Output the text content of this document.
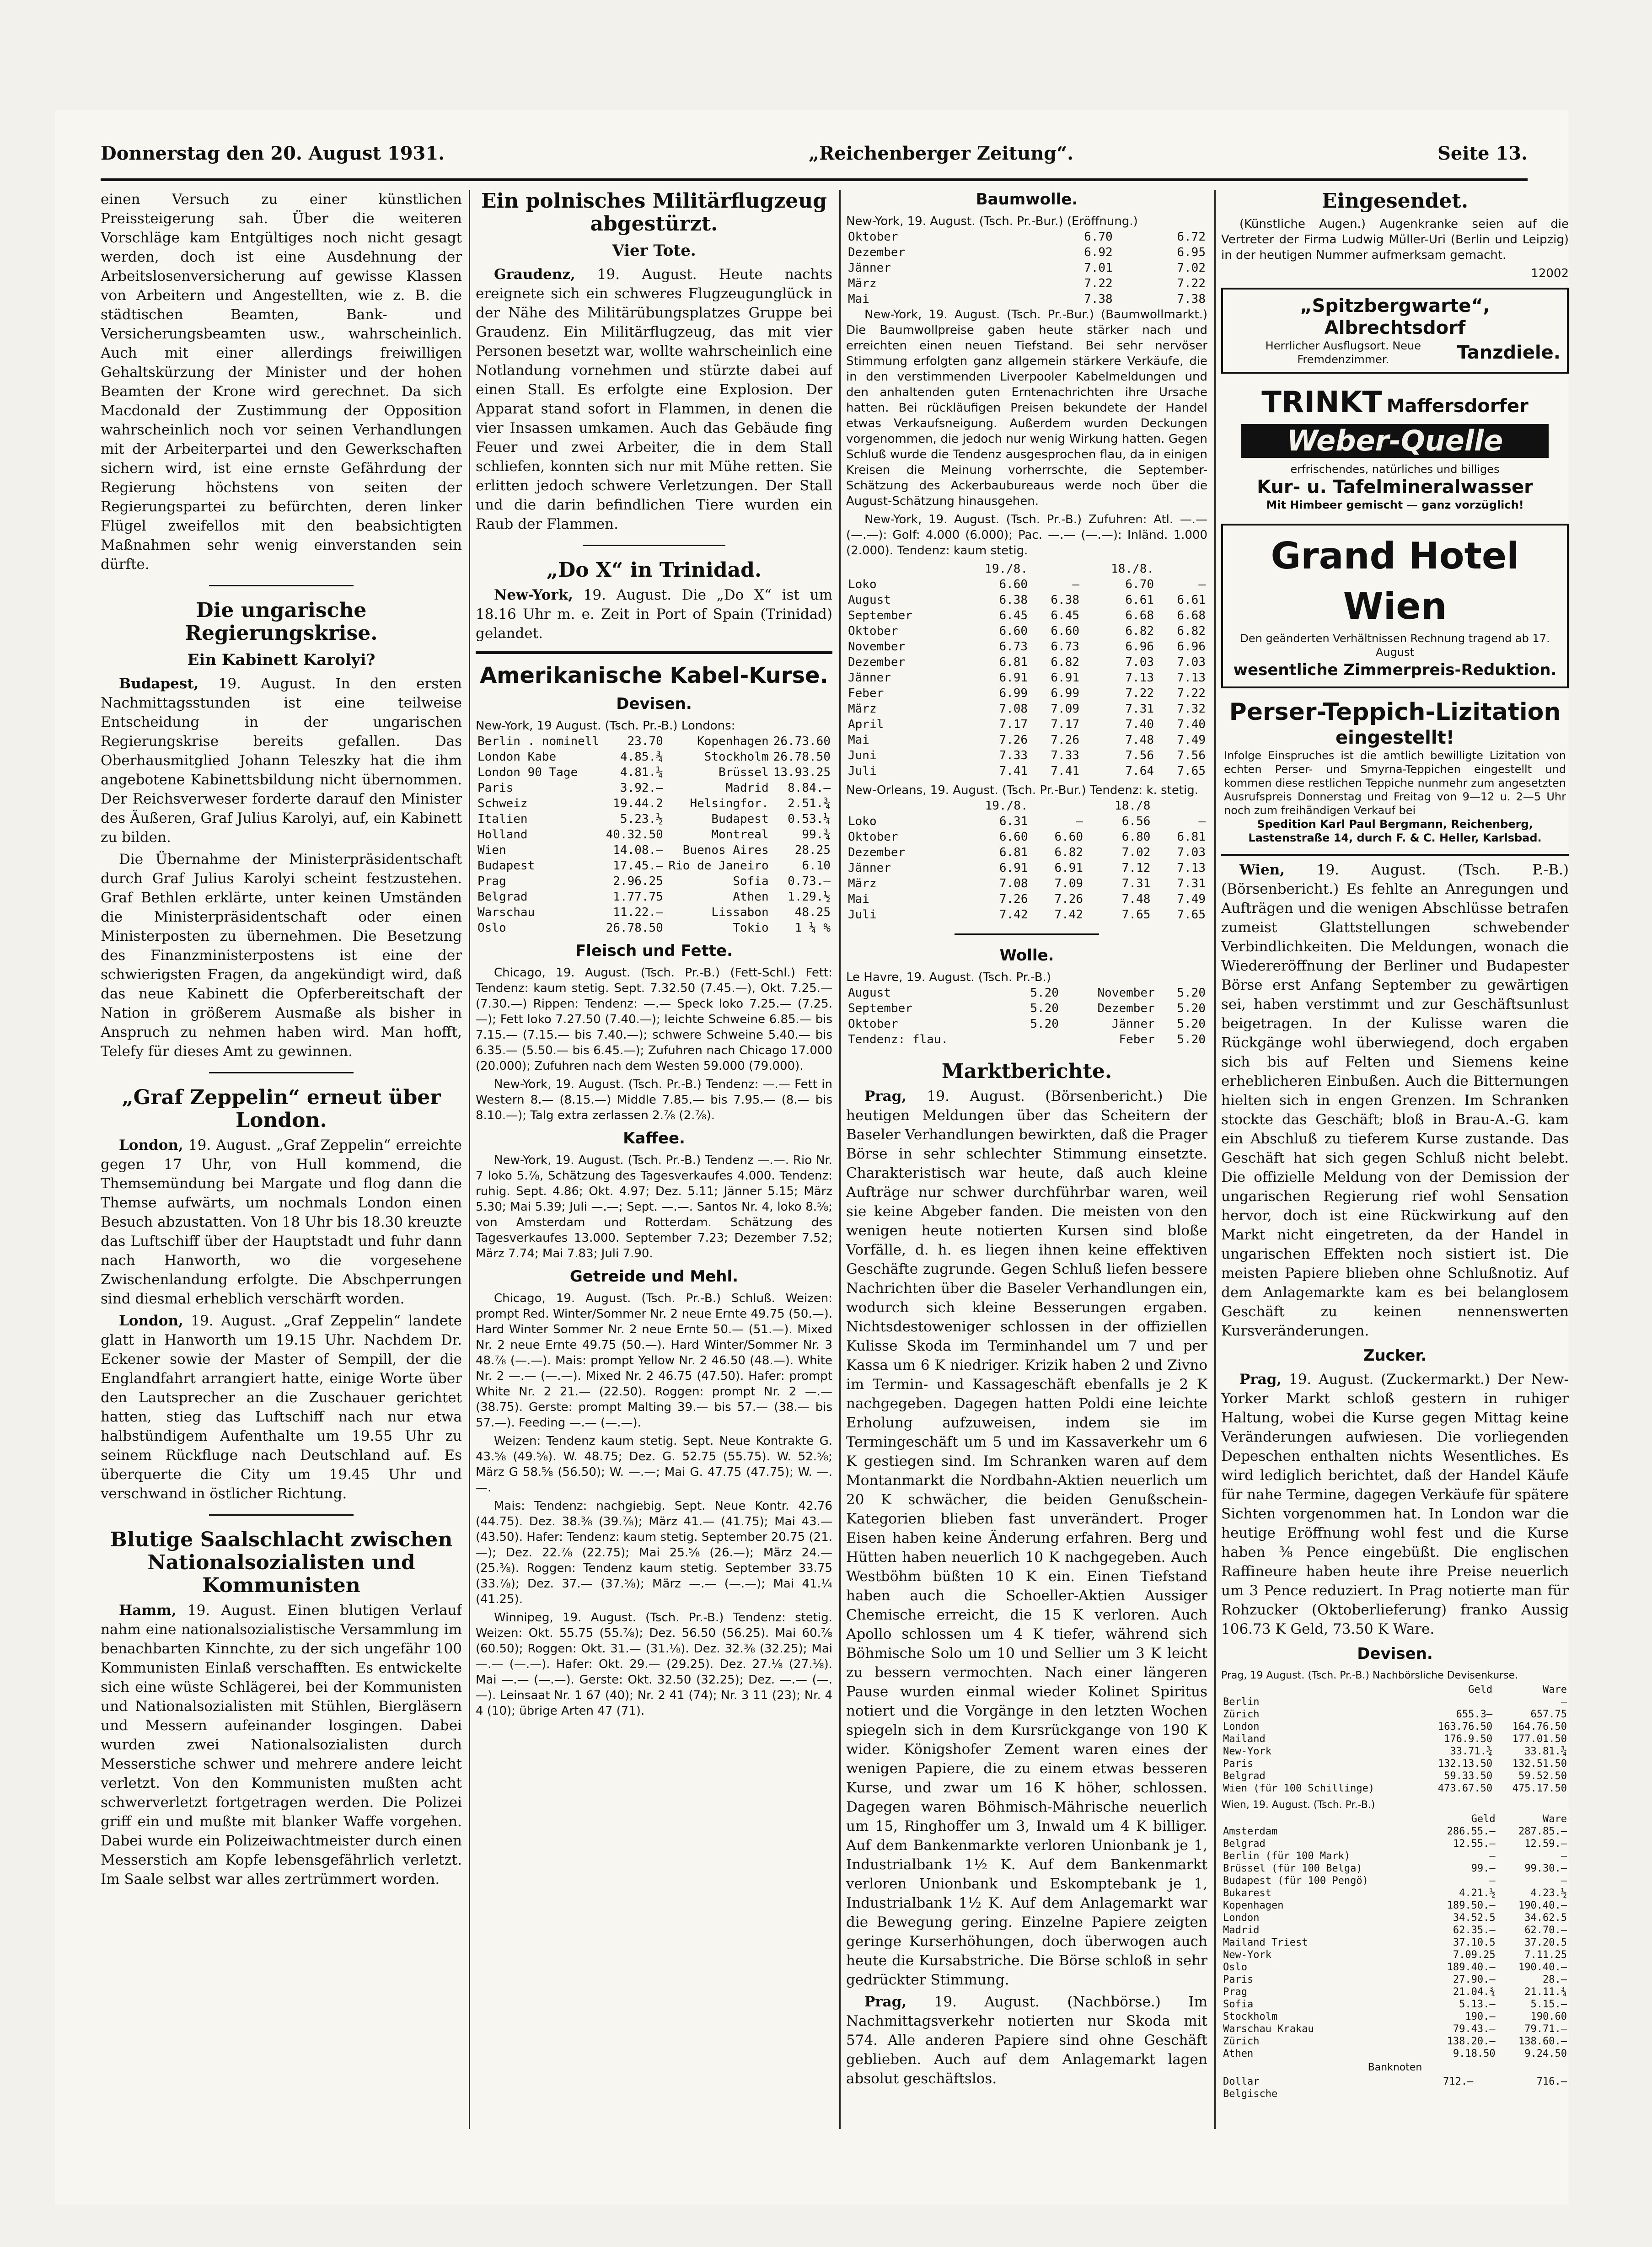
Donnerstag den 20. August 1931.	„Reichenberger Zeitung“.	Seite 13.

einen Versuch zu einer künstlichen Preissteigerung sah. Über die weiteren Vorschläge kam Entgültiges noch nicht gesagt werden, doch ist eine Ausdehnung der Arbeitslosenversicherung auf gewisse Klassen von Arbeitern und Angestellten, wie z. B. die städtischen Beamten, Bank- und Versicherungsbeamten usw., wahrscheinlich. Auch mit einer allerdings freiwilligen Gehaltskürzung der Minister und der hohen Beamten der Krone wird gerechnet. Da sich Macdonald der Zustimmung der Opposition wahrscheinlich noch vor seinen Verhandlungen mit der Arbeiterpartei und den Gewerkschaften sichern wird, ist eine ernste Gefährdung der Regierung höchstens von seiten der Regierungspartei zu befürchten, deren linker Flügel zweifellos mit den beabsichtigten Maßnahmen sehr wenig einverstanden sein dürfte.

Die ungarische Regierungskrise.
Ein Kabinett Karolyi?

Budapest, 19. August. In den ersten Nachmittagsstunden ist eine teilweise Entscheidung in der ungarischen Regierungskrise bereits gefallen. Das Oberhausmitglied Johann Teleszky hat die ihm angebotene Kabinettsbildung nicht übernommen. Der Reichsverweser forderte darauf den Minister des Äußeren, Graf Julius Karolyi, auf, ein Kabinett zu bilden.

Die Übernahme der Ministerpräsidentschaft durch Graf Julius Karolyi scheint festzustehen. Graf Bethlen erklärte, unter keinen Umständen die Ministerpräsidentschaft oder einen Ministerposten zu übernehmen. Die Besetzung des Finanzministerpostens ist eine der schwierigsten Fragen, da angekündigt wird, daß das neue Kabinett die Opferbereitschaft der Nation in größerem Ausmaße als bisher in Anspruch zu nehmen haben wird. Man hofft, Telefy für dieses Amt zu gewinnen.

„Graf Zeppelin“ erneut über London.

London, 19. August. „Graf Zeppelin“ erreichte gegen 17 Uhr, von Hull kommend, die Themsemündung bei Margate und flog dann die Themse aufwärts, um nochmals London einen Besuch abzustatten. Von 18 Uhr bis 18.30 kreuzte das Luftschiff über der Hauptstadt und fuhr dann nach Hanworth, wo die vorgesehene Zwischenlandung erfolgte. Die Abschperrungen sind diesmal erheblich verschärft worden.

London, 19. August. „Graf Zeppelin“ landete glatt in Hanworth um 19.15 Uhr. Nachdem Dr. Eckener sowie der Master of Sempill, der die Englandfahrt arrangiert hatte, einige Worte über den Lautsprecher an die Zuschauer gerichtet hatten, stieg das Luftschiff nach nur etwa halbstündigem Aufenthalte um 19.55 Uhr zu seinem Rückfluge nach Deutschland auf. Es überquerte die City um 19.45 Uhr und verschwand in östlicher Richtung.

Blutige Saalschlacht zwischen Nationalsozialisten und Kommunisten

Hamm, 19. August. Einen blutigen Verlauf nahm eine nationalsozialistische Versammlung im benachbarten Kinnchte, zu der sich ungefähr 100 Kommunisten Einlaß verschafften. Es entwickelte sich eine wüste Schlägerei, bei der Kommunisten und Nationalsozialisten mit Stühlen, Biergläsern und Messern aufeinander losgingen. Dabei wurden zwei Nationalsozialisten durch Messerstiche schwer und mehrere andere leicht verletzt. Von den Kommunisten mußten acht schwerverletzt fortgetragen werden. Die Polizei griff ein und mußte mit blanker Waffe vorgehen. Dabei wurde ein Polizeiwachtmeister durch einen Messerstich am Kopfe lebensgefährlich verletzt. Im Saale selbst war alles zertrümmert worden.

Ein polnisches Militärflugzeug abgestürzt.
Vier Tote.

Graudenz, 19. August. Heute nachts ereignete sich ein schweres Flugzeugunglück in der Nähe des Militärübungsplatzes Gruppe bei Graudenz. Ein Militärflugzeug, das mit vier Personen besetzt war, wollte wahrscheinlich eine Notlandung vornehmen und stürzte dabei auf einen Stall. Es erfolgte eine Explosion. Der Apparat stand sofort in Flammen, in denen die vier Insassen umkamen. Auch das Gebäude fing Feuer und zwei Arbeiter, die in dem Stall schliefen, konnten sich nur mit Mühe retten. Sie erlitten jedoch schwere Verletzungen. Der Stall und die darin befindlichen Tiere wurden ein Raub der Flammen.

„Do X“ in Trinidad.

New-York, 19. August. Die „Do X“ ist um 18.16 Uhr m. e. Zeit in Port of Spain (Trinidad) gelandet.

Amerikanische Kabel-Kurse.
Devisen.
New-York, 19 August. (Tsch. Pr.-B.) Londons:
Berlin . nominell	23.70	Kopenhagen	26.73.60
London Kabe	4.85.¾	Stockholm	26.78.50
London 90 Tage	4.81.¼	Brüssel	13.93.25
Paris	3.92.—	Madrid	8.84.—
Schweiz	19.44.2	Helsingfor.	2.51.¾
Italien	5.23.½	Budapest	0.53.¼
Holland	40.32.50	Montreal	99.¾
Wien	14.08.—	Buenos Aires	28.25
Budapest	17.45.—	Rio de Janeiro	6.10
Prag	2.96.25	Sofia	0.73.—
Belgrad	1.77.75	Athen	1.29.½
Warschau	11.22.—	Lissabon	48.25
Oslo	26.78.50	Tokio	1 ¼ %
Fleisch und Fette.

Chicago, 19. August. (Tsch. Pr.-B.) (Fett-Schl.) Fett: Tendenz: kaum stetig. Sept. 7.32.50 (7.45.—), Okt. 7.25.— (7.30.—) Rippen: Tendenz: —.— Speck loko 7.25.— (7.25.—); Fett loko 7.27.50 (7.40.—); leichte Schweine 6.85.— bis 7.15.— (7.15.— bis 7.40.—); schwere Schweine 5.40.— bis 6.35.— (5.50.— bis 6.45.—); Zufuhren nach Chicago 17.000 (20.000); Zufuhren nach dem Westen 59.000 (79.000).

New-York, 19. August. (Tsch. Pr.-B.) Tendenz: —.— Fett in Western 8.— (8.15.—) Middle 7.85.— bis 7.95.— (8.— bis 8.10.—); Talg extra zerlassen 2.⅞ (2.⅞).

Kaffee.

New-York, 19. August. (Tsch. Pr.-B.) Tendenz —.—. Rio Nr. 7 loko 5.⅞, Schätzung des Tagesverkaufes 4.000. Tendenz: ruhig. Sept. 4.86; Okt. 4.97; Dez. 5.11; Jänner 5.15; März 5.30; Mai 5.39; Juli —.—; Sept. —.—. Santos Nr. 4, loko 8.⅝; von Amsterdam und Rotterdam. Schätzung des Tagesverkaufes 13.000. September 7.23; Dezember 7.52; März 7.74; Mai 7.83; Juli 7.90.

Getreide und Mehl.

Chicago, 19. August. (Tsch. Pr.-B.) Schluß. Weizen: prompt Red. Winter/Sommer Nr. 2 neue Ernte 49.75 (50.—). Hard Winter Sommer Nr. 2 neue Ernte 50.— (51.—). Mixed Nr. 2 neue Ernte 49.75 (50.—). Hard Winter/Sommer Nr. 3 48.⅞ (—.—). Mais: prompt Yellow Nr. 2 46.50 (48.—). White Nr. 2 —.— (—.—). Mixed Nr. 2 46.75 (47.50). Hafer: prompt White Nr. 2 21.— (22.50). Roggen: prompt Nr. 2 —.— (38.75). Gerste: prompt Malting 39.— bis 57.— (38.— bis 57.—). Feeding —.— (—.—).

Weizen: Tendenz kaum stetig. Sept. Neue Kontrakte G. 43.⅝ (49.⅝). W. 48.75; Dez. G. 52.75 (55.75). W. 52.⅝; März G 58.⅝ (56.50); W. —.—; Mai G. 47.75 (47.75); W. —.—.

Mais: Tendenz: nachgiebig. Sept. Neue Kontr. 42.76 (44.75). Dez. 38.⅜ (39.⅞); März 41.— (41.75); Mai 43.— (43.50). Hafer: Tendenz: kaum stetig. September 20.75 (21.—); Dez. 22.⅞ (22.75); Mai 25.⅝ (26.—); März 24.— (25.⅜). Roggen: Tendenz kaum stetig. September 33.75 (33.⅞); Dez. 37.— (37.⅝); März —.— (—.—); Mai 41.¼ (41.25).

Winnipeg, 19. August. (Tsch. Pr.-B.) Tendenz: stetig. Weizen: Okt. 55.75 (55.⅞); Dez. 56.50 (56.25). Mai 60.⅞ (60.50); Roggen: Okt. 31.— (31.⅛). Dez. 32.⅜ (32.25); Mai —.— (—.—). Hafer: Okt. 29.— (29.25). Dez. 27.⅛ (27.⅛). Mai —.— (—.—). Gerste: Okt. 32.50 (32.25); Dez. —.— (—.—). Leinsaat Nr. 1 67 (40); Nr. 2 41 (74); Nr. 3 11 (23); Nr. 4 4 (10); übrige Arten 47 (71).

Baumwolle.
New-York, 19. August. (Tsch. Pr.-Bur.) (Eröffnung.)
Oktober	6.70	6.72
Dezember	6.92	6.95
Jänner	7.01	7.02
März	7.22	7.22
Mai	7.38	7.38

New-York, 19. August. (Tsch. Pr.-Bur.) (Baumwollmarkt.) Die Baumwollpreise gaben heute stärker nach und erreichten einen neuen Tiefstand. Bei sehr nervöser Stimmung erfolgten ganz allgemein stärkere Verkäufe, die in den verstimmenden Liverpooler Kabelmeldungen und den anhaltenden guten Erntenachrichten ihre Ursache hatten. Bei rückläufigen Preisen bekundete der Handel etwas Verkaufsneigung. Außerdem wurden Deckungen vorgenommen, die jedoch nur wenig Wirkung hatten. Gegen Schluß wurde die Tendenz ausgesprochen flau, da in einigen Kreisen die Meinung vorherrschte, die September-Schätzung des Ackerbaubureaus werde noch über die August-Schätzung hinausgehen.

New-York, 19. August. (Tsch. Pr.-B.) Zufuhren: Atl. —.— (—.—): Golf: 4.000 (6.000); Pac. —.— (—.—): Inländ. 1.000 (2.000). Tendenz: kaum stetig.

	19./8.		18./8.	
Loko	6.60	—	6.70	—
August	6.38	6.38	6.61	6.61
September	6.45	6.45	6.68	6.68
Oktober	6.60	6.60	6.82	6.82
November	6.73	6.73	6.96	6.96
Dezember	6.81	6.82	7.03	7.03
Jänner	6.91	6.91	7.13	7.13
Feber	6.99	6.99	7.22	7.22
März	7.08	7.09	7.31	7.32
April	7.17	7.17	7.40	7.40
Mai	7.26	7.26	7.48	7.49
Juni	7.33	7.33	7.56	7.56
Juli	7.41	7.41	7.64	7.65
New-Orleans, 19. August. (Tsch. Pr.-Bur.) Tendenz: k. stetig.
	19./8.		18./8	
Loko	6.31	—	6.56	—
Oktober	6.60	6.60	6.80	6.81
Dezember	6.81	6.82	7.02	7.03
Jänner	6.91	6.91	7.12	7.13
März	7.08	7.09	7.31	7.31
Mai	7.26	7.26	7.48	7.49
Juli	7.42	7.42	7.65	7.65
Wolle.
Le Havre, 19. August. (Tsch. Pr.-B.)
August	5.20	November	5.20
September	5.20	Dezember	5.20
Oktober	5.20	Jänner	5.20
Tendenz: flau.		Feber	5.20
Marktberichte.

Prag, 19. August. (Börsenbericht.) Die heutigen Meldungen über das Scheitern der Baseler Verhandlungen bewirkten, daß die Prager Börse in sehr schlechter Stimmung einsetzte. Charakteristisch war heute, daß auch kleine Aufträge nur schwer durchführbar waren, weil sie keine Abgeber fanden. Die meisten von den wenigen heute notierten Kursen sind bloße Vorfälle, d. h. es liegen ihnen keine effektiven Geschäfte zugrunde. Gegen Schluß liefen bessere Nachrichten über die Baseler Verhandlungen ein, wodurch sich kleine Besserungen ergaben. Nichtsdestoweniger schlossen in der offiziellen Kulisse Skoda im Terminhandel um 7 und per Kassa um 6 K niedriger. Krizik haben 2 und Zivno im Termin- und Kassageschäft ebenfalls je 2 K nachgegeben. Dagegen hatten Poldi eine leichte Erholung aufzuweisen, indem sie im Termingeschäft um 5 und im Kassaverkehr um 6 K gestiegen sind. Im Schranken waren auf dem Montanmarkt die Nordbahn-Aktien neuerlich um 20 K schwächer, die beiden Genußschein-Kategorien blieben fast unverändert. Proger Eisen haben keine Änderung erfahren. Berg und Hütten haben neuerlich 10 K nachgegeben. Auch Westböhm büßten 10 K ein. Einen Tiefstand haben auch die Schoeller-Aktien Aussiger Chemische erreicht, die 15 K verloren. Auch Apollo schlossen um 4 K tiefer, während sich Böhmische Solo um 10 und Sellier um 3 K leicht zu bessern vermochten. Nach einer längeren Pause wurden einmal wieder Kolinet Spiritus notiert und die Vorgänge in den letzten Wochen spiegeln sich in dem Kursrückgange von 190 K wider. Königshofer Zement waren eines der wenigen Papiere, die zu einem etwas besseren Kurse, und zwar um 16 K höher, schlossen. Dagegen waren Böhmisch-Mährische neuerlich um 15, Ringhoffer um 3, Inwald um 4 K billiger. Auf dem Bankenmarkte verloren Unionbank je 1, Industrialbank 1½ K. Auf dem Bankenmarkt verloren Unionbank und Eskomptebank je 1, Industrialbank 1½ K. Auf dem Anlagemarkt war die Bewegung gering. Einzelne Papiere zeigten geringe Kurserhöhungen, doch überwogen auch heute die Kursabstriche. Die Börse schloß in sehr gedrückter Stimmung.

Prag, 19. August. (Nachbörse.) Im Nachmittagsverkehr notierten nur Skoda mit 574. Alle anderen Papiere sind ohne Geschäft geblieben. Auch auf dem Anlagemarkt lagen absolut geschäftslos.

Eingesendet.

(Künstliche Augen.) Augenkranke seien auf die Vertreter der Firma Ludwig Müller-Uri (Berlin und Leipzig) in der heutigen Nummer aufmerksam gemacht.

12002
„Spitzbergwarte“, Albrechtsdorf
Herrlicher Ausflugsort. Neue Fremdenzimmer.	Tanzdiele.
TRINKT Maffersdorfer
Weber-Quelle
erfrischendes, natürliches und billiges
Kur- u. Tafelmineralwasser
Mit Himbeer gemischt — ganz vorzüglich!
Grand Hotel Wien
Den geänderten Verhältnissen Rechnung tragend ab 17. August
wesentliche Zimmerpreis-Reduktion.
Perser-Teppich-Lizitation
eingestellt!
Infolge Einspruches ist die amtlich bewilligte Lizitation von echten Perser- und Smyrna-Teppichen eingestellt und kommen diese restlichen Teppiche nunmehr zum angesetzten Ausrufspreis Donnerstag und Freitag von 9—12 u. 2—5 Uhr noch zum freihändigen Verkauf bei
Spedition Karl Paul Bergmann, Reichenberg, Lastenstraße 14, durch F. & C. Heller, Karlsbad.

Wien, 19. August. (Tsch. P.-B.) (Börsenbericht.) Es fehlte an Anregungen und Aufträgen und die wenigen Abschlüsse betrafen zumeist Glattstellungen schwebender Verbindlichkeiten. Die Meldungen, wonach die Wiedereröffnung der Berliner und Budapester Börse erst Anfang September zu gewärtigen sei, haben verstimmt und zur Geschäftsunlust beigetragen. In der Kulisse waren die Rückgänge wohl überwiegend, doch ergaben sich bis auf Felten und Siemens keine erheblicheren Einbußen. Auch die Bitternungen hielten sich in engen Grenzen. Im Schranken stockte das Geschäft; bloß in Brau-A.-G. kam ein Abschluß zu tieferem Kurse zustande. Das Geschäft hat sich gegen Schluß nicht belebt. Die offizielle Meldung von der Demission der ungarischen Regierung rief wohl Sensation hervor, doch ist eine Rückwirkung auf den Markt nicht eingetreten, da der Handel in ungarischen Effekten noch sistiert ist. Die meisten Papiere blieben ohne Schlußnotiz. Auf dem Anlagemarkte kam es bei belanglosem Geschäft zu keinen nennenswerten Kursveränderungen.

Zucker.

Prag, 19. August. (Zuckermarkt.) Der New-Yorker Markt schloß gestern in ruhiger Haltung, wobei die Kurse gegen Mittag keine Veränderungen aufwiesen. Die vorliegenden Depeschen enthalten nichts Wesentliches. Es wird lediglich berichtet, daß der Handel Käufe für nahe Termine, dagegen Verkäufe für spätere Sichten vorgenommen hat. In London war die heutige Eröffnung wohl fest und die Kurse haben ⅜ Pence eingebüßt. Die englischen Raffineure haben heute ihre Preise neuerlich um 3 Pence reduziert. In Prag notierte man für Rohzucker (Oktoberlieferung) franko Aussig 106.73 K Geld, 73.50 K Ware.

Devisen.
Prag, 19 August. (Tsch. Pr.-B.) Nachbörsliche Devisenkurse.
	Geld	Ware
Berlin		—
Zürich	655.3—	657.75
London	163.76.50	164.76.50
Mailand	176.9.50	177.01.50
New-York	33.71.¾	33.81.¾
Paris	132.13.50	132.51.50
Belgrad	59.33.50	59.52.50
Wien (für 100 Schillinge)	473.67.50	475.17.50
Wien, 19. August. (Tsch. Pr.-B.)
	Geld	Ware
Amsterdam	286.55.—	287.85.—
Belgrad	12.55.—	12.59.—
Berlin (für 100 Mark)	—	—
Brüssel (für 100 Belga)	99.—	99.30.—
Budapest (für 100 Pengö)	—	—
Bukarest	4.21.½	4.23.½
Kopenhagen	189.50.—	190.40.—
London	34.52.5	34.62.5
Madrid	62.35.—	62.70.—
Mailand Triest	37.10.5	37.20.5
New-York	7.09.25	7.11.25
Oslo	189.40.—	190.40.—
Paris	27.90.—	28.—
Prag	21.04.¾	21.11.¾
Sofia	5.13.—	5.15.—
Stockholm	190.—	190.60
Warschau Krakau	79.43.—	79.71.—
Zürich	138.20.—	138.60.—
Athen	9.18.50	9.24.50
Banknoten
Dollar	712.—	716.—
Belgische		
